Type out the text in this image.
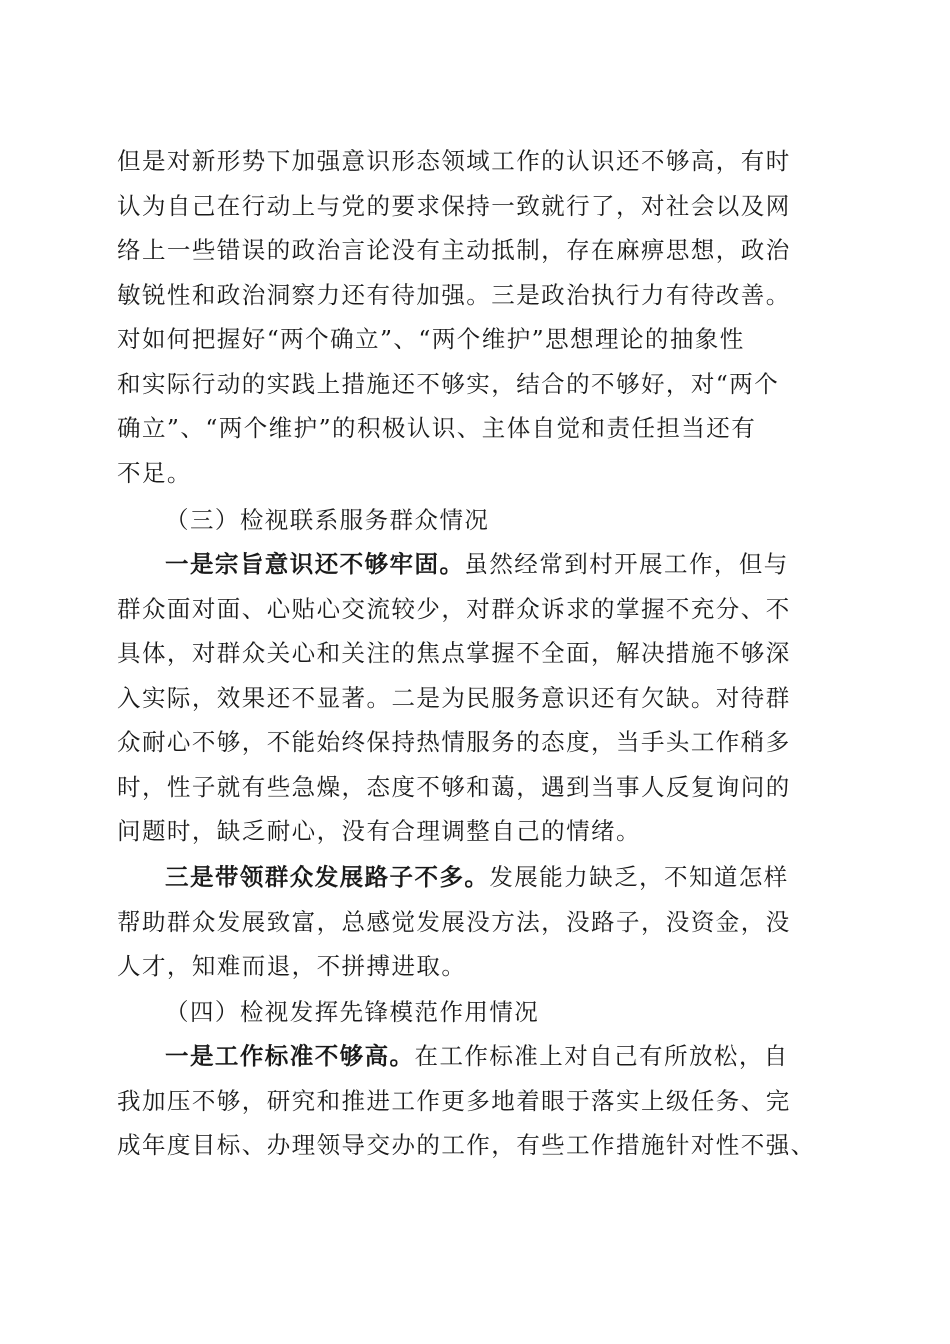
但是对新形势下加强意识形态领域工作的认识还不够高，有时
认为自己在行动上与党的要求保持一致就行了，对社会以及网
络上一些错误的政治言论没有主动抵制，存在麻痹思想，政治
敏锐性和政治洞察力还有待加强。三是政治执行力有待改善。
对如何把握好“两个确立”、“两个维护”思想理论的抽象性
和实际行动的实践上措施还不够实，结合的不够好，对“两个
确立”、“两个维护”的积极认识、主体自觉和责任担当还有
不足。
（三）检视联系服务群众情况
一是宗旨意识还不够牢固。虽然经常到村开展工作，但与
群众面对面、心贴心交流较少，对群众诉求的掌握不充分、不
具体，对群众关心和关注的焦点掌握不全面，解决措施不够深
入实际，效果还不显著。二是为民服务意识还有欠缺。对待群
众耐心不够，不能始终保持热情服务的态度，当手头工作稍多
时，性子就有些急燥，态度不够和蔼，遇到当事人反复询问的
问题时，缺乏耐心，没有合理调整自己的情绪。
三是带领群众发展路子不多。发展能力缺乏，不知道怎样
帮助群众发展致富，总感觉发展没方法，没路子，没资金，没
人才，知难而退，不拼搏进取。
（四）检视发挥先锋模范作用情况
一是工作标准不够高。在工作标准上对自己有所放松，自
我加压不够，研究和推进工作更多地着眼于落实上级任务、完
成年度目标、办理领导交办的工作，有些工作措施针对性不强、
